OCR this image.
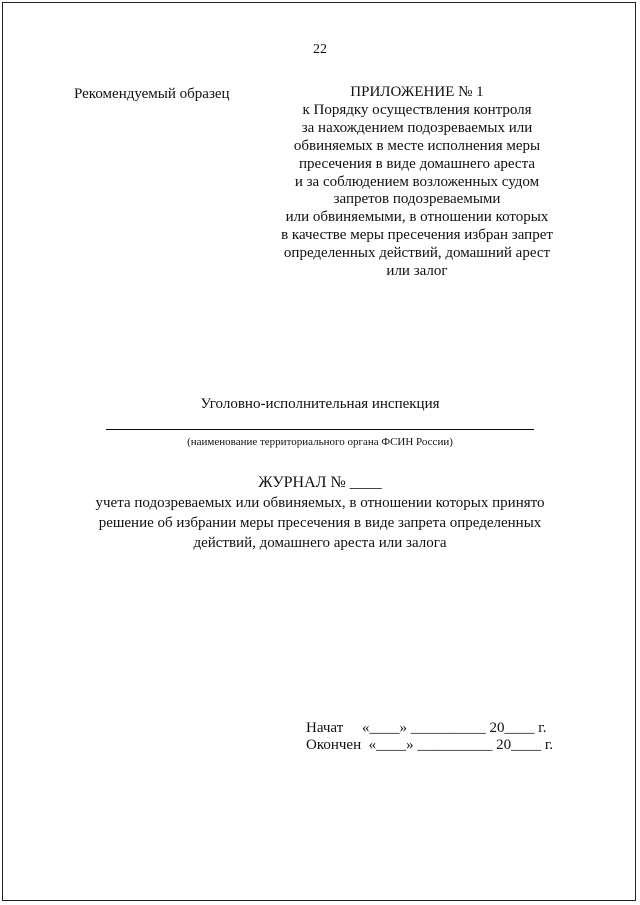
22
Рекомендуемый образец	ПРИЛОЖЕНИЕ № 1
к Порядку осуществления контроля
за нахождением подозреваемых или
обвиняемых в месте исполнения меры
пресечения в виде домашнего ареста
и за соблюдением возложенных судом
запретов подозреваемыми
или обвиняемыми, в отношении которых
в качестве меры пресечения избран запрет
определенных действий, домашний арест
или залог
Уголовно-исполнительная инспекция
(наименование территориального органа ФСИН России)
ЖУРНАЛ № ____
учета подозреваемых или обвиняемых, в отношении которых принято
решение об избрании меры пресечения в виде запрета определенных
действий, домашнего ареста или залога
Начат     «____» __________ 20____ г.
Окончен  «____» __________ 20____ г.
